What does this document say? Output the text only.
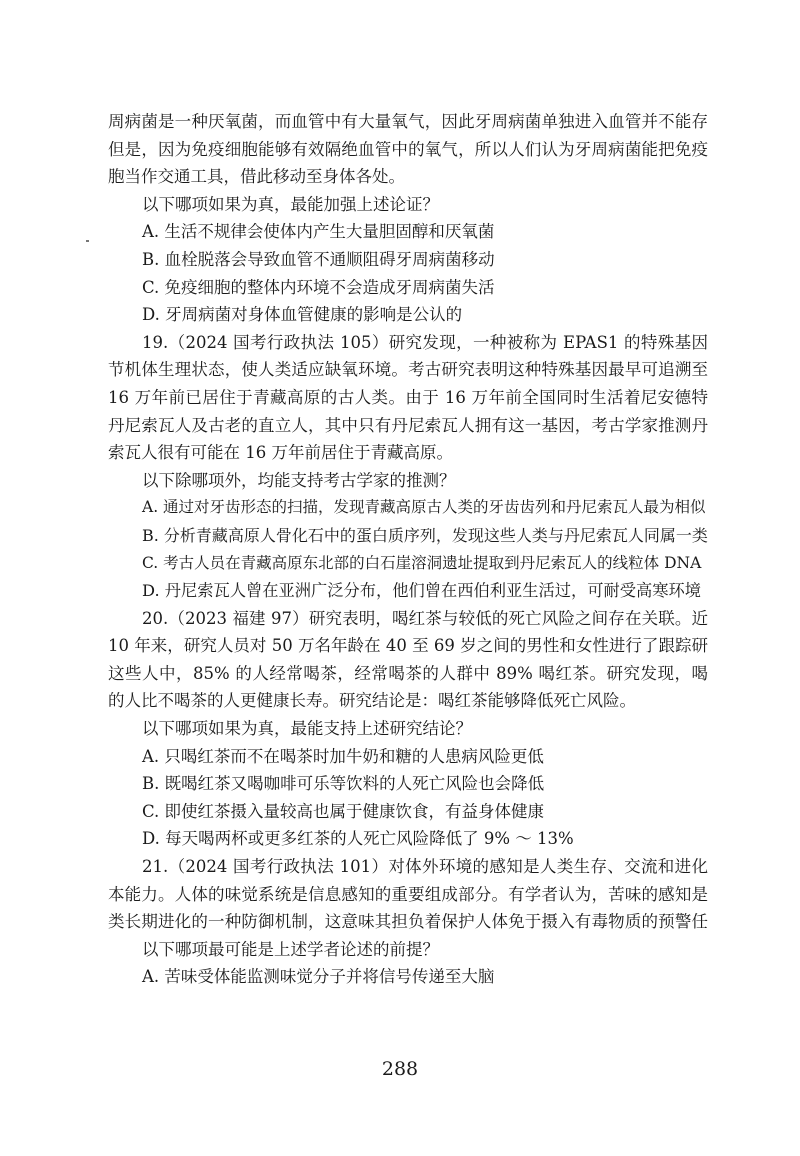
周病菌是一种厌氧菌，而血管中有大量氧气，因此牙周病菌单独进入血管并不能存
但是，因为免疫细胞能够有效隔绝血管中的氧气，所以人们认为牙周病菌能把免疫
胞当作交通工具，借此移动至身体各处。
以下哪项如果为真，最能加强上述论证？
A. 生活不规律会使体内产生大量胆固醇和厌氧菌
B. 血栓脱落会导致血管不通顺阻碍牙周病菌移动
C. 免疫细胞的整体内环境不会造成牙周病菌失活
D. 牙周病菌对身体血管健康的影响是公认的
19.（2024 国考行政执法 105）研究发现，一种被称为 EPAS1 的特殊基因
节机体生理状态，使人类适应缺氧环境。考古研究表明这种特殊基因最早可追溯至
16 万年前已居住于青藏高原的古人类。由于 16 万年前全国同时生活着尼安德特
丹尼索瓦人及古老的直立人，其中只有丹尼索瓦人拥有这一基因，考古学家推测丹
索瓦人很有可能在 16 万年前居住于青藏高原。
以下除哪项外，均能支持考古学家的推测？
A. 通过对牙齿形态的扫描，发现青藏高原古人类的牙齿齿列和丹尼索瓦人最为相似
B. 分析青藏高原人骨化石中的蛋白质序列，发现这些人类与丹尼索瓦人同属一类
C. 考古人员在青藏高原东北部的白石崖溶洞遗址提取到丹尼索瓦人的线粒体 DNA
D. 丹尼索瓦人曾在亚洲广泛分布，他们曾在西伯利亚生活过，可耐受高寒环境
20.（2023 福建 97）研究表明，喝红茶与较低的死亡风险之间存在关联。近
10 年来，研究人员对 50 万名年龄在 40 至 69 岁之间的男性和女性进行了跟踪研
这些人中，85% 的人经常喝茶，经常喝茶的人群中 89% 喝红茶。研究发现，喝
的人比不喝茶的人更健康长寿。研究结论是：喝红茶能够降低死亡风险。
以下哪项如果为真，最能支持上述研究结论？
A. 只喝红茶而不在喝茶时加牛奶和糖的人患病风险更低
B. 既喝红茶又喝咖啡可乐等饮料的人死亡风险也会降低
C. 即使红茶摄入量较高也属于健康饮食，有益身体健康
D. 每天喝两杯或更多红茶的人死亡风险降低了 9% ～ 13%
21.（2024 国考行政执法 101）对体外环境的感知是人类生存、交流和进化
本能力。人体的味觉系统是信息感知的重要组成部分。有学者认为，苦味的感知是
类长期进化的一种防御机制，这意味其担负着保护人体免于摄入有毒物质的预警任
以下哪项最可能是上述学者论述的前提？
A. 苦味受体能监测味觉分子并将信号传递至大脑
288
